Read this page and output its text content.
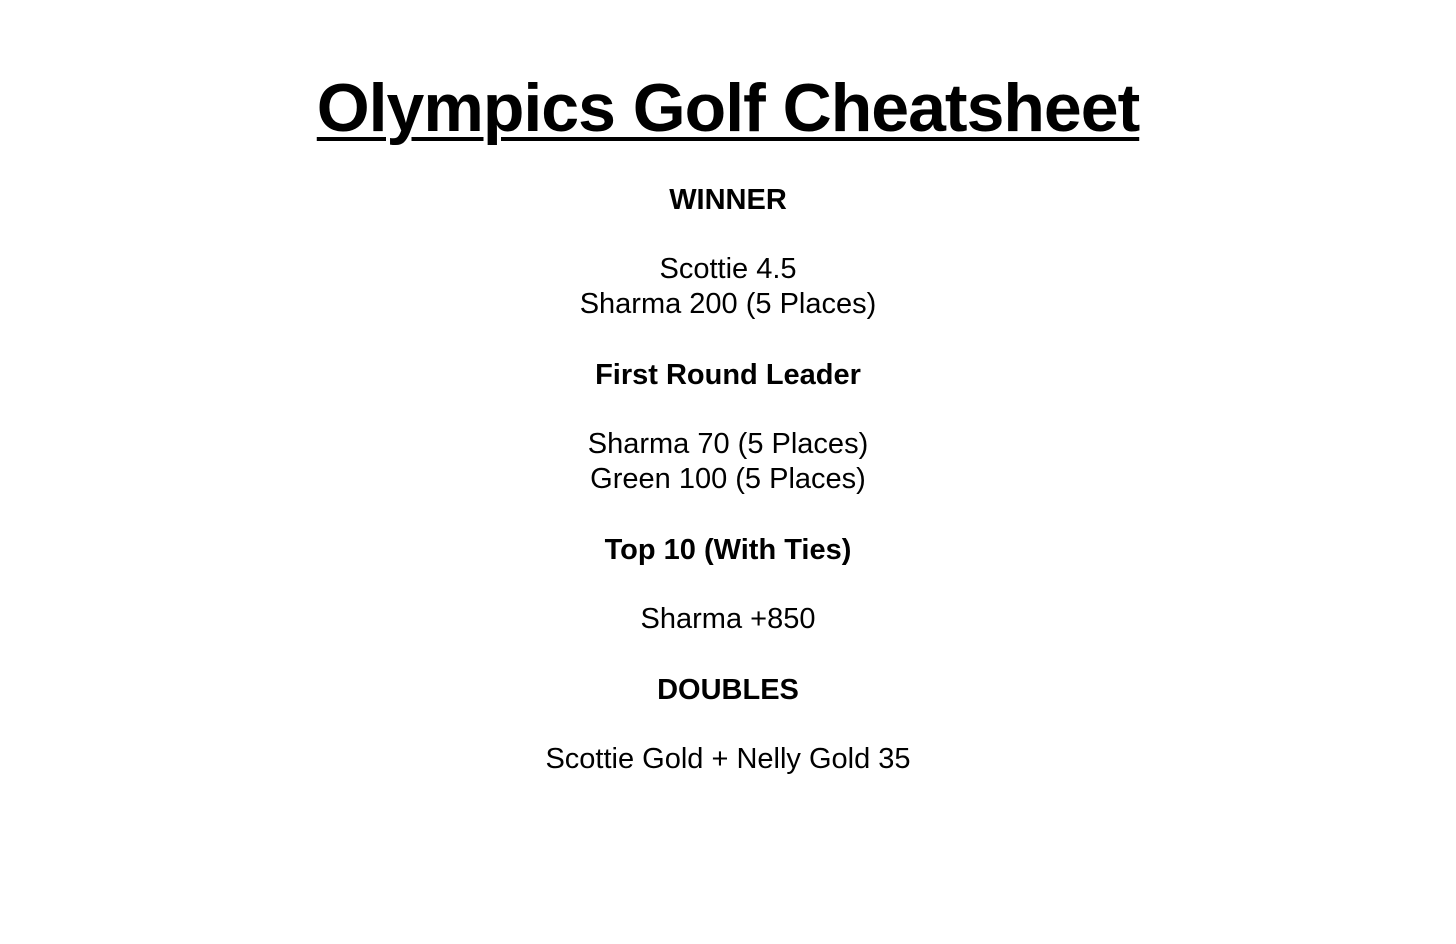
Olympics Golf Cheatsheet

WINNER

Scottie 4.5

Sharma 200 (5 Places)

First Round Leader

Sharma 70 (5 Places)

Green 100 (5 Places)

Top 10 (With Ties)

Sharma +850

DOUBLES

Scottie Gold + Nelly Gold 35
